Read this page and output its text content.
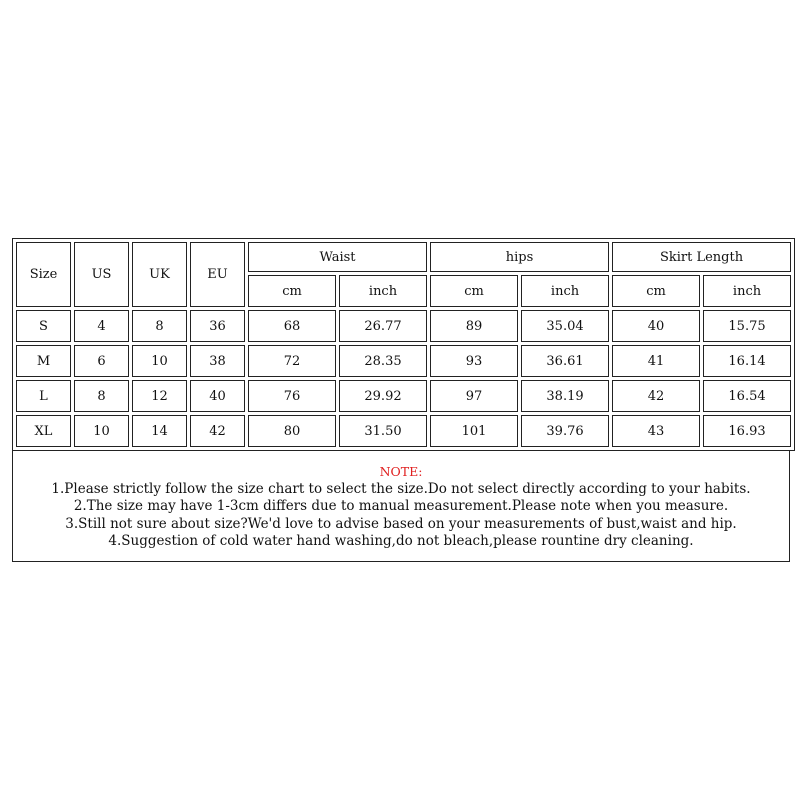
Size	US	UK	EU	Waist		hips		Skirt Length	
				cm	inch	cm	inch	cm	inch
S	4	8	36	68	26.77	89	35.04	40	15.75
M	6	10	38	72	28.35	93	36.61	41	16.14
L	8	12	40	76	29.92	97	38.19	42	16.54
XL	10	14	42	80	31.50	101	39.76	43	16.93
NOTE:
1.Please strictly follow the size chart to select the size.Do not select directly according to your habits.
2.The size may have 1-3cm differs due to manual measurement.Please note when you measure.
3.Still not sure about size?We'd love to advise based on your measurements of bust,waist and hip.
4.Suggestion of cold water hand washing,do not bleach,please rountine dry cleaning.
